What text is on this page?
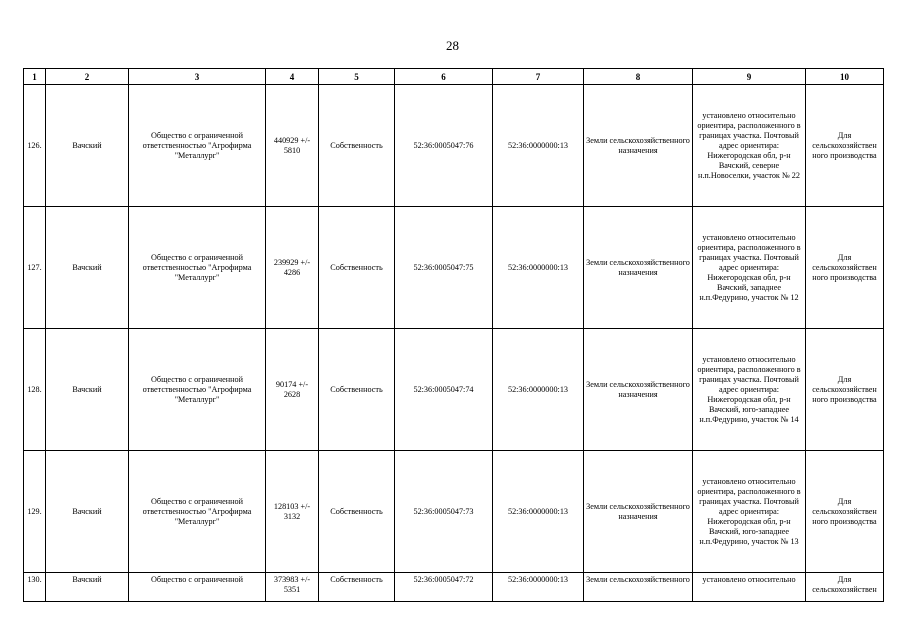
28
1	2	3	4	5	6	7	8	9	10
126.	Вачский	Общество с ограниченной ответственностью "Агрофирма "Металлург"	440929 +/- 5810	Собственность	52:36:0005047:76	52:36:0000000:13	Земли сельскохозяйственного назначения	установлено относительно ориентира, расположенного в границах участка. Почтовый адрес ориентира: Нижегородская обл, р-н Вачский, северне н.п.Новоселки, участок № 22	Для сельскохозяйствен ного производства
127.	Вачский	Общество с ограниченной ответственностью "Агрофирма "Металлург"	239929 +/- 4286	Собственность	52:36:0005047:75	52:36:0000000:13	Земли сельскохозяйственного назначения	установлено относительно ориентира, расположенного в границах участка. Почтовый адрес ориентира: Нижегородская обл, р-н Вачский, западнее н.п.Федурино, участок № 12	Для сельскохозяйствен ного производства
128.	Вачский	Общество с ограниченной ответственностью "Агрофирма "Металлург"	90174 +/- 2628	Собственность	52:36:0005047:74	52:36:0000000:13	Земли сельскохозяйственного назначения	установлено относительно ориентира, расположенного в границах участка. Почтовый адрес ориентира: Нижегородская обл, р-н Вачский, юго-западнее н.п.Федурино, участок № 14	Для сельскохозяйствен ного производства
129.	Вачский	Общество с ограниченной ответственностью "Агрофирма "Металлург"	128103 +/- 3132	Собственность	52:36:0005047:73	52:36:0000000:13	Земли сельскохозяйственного назначения	установлено относительно ориентира, расположенного в границах участка. Почтовый адрес ориентира: Нижегородская обл, р-н Вачский, юго-западнее н.п.Федурино, участок № 13	Для сельскохозяйствен ного производства
130.	Вачский	Общество с ограниченной	373983 +/- 5351	Собственность	52:36:0005047:72	52:36:0000000:13	Земли сельскохозяйственного	установлено относительно	Для сельскохозяйствен
